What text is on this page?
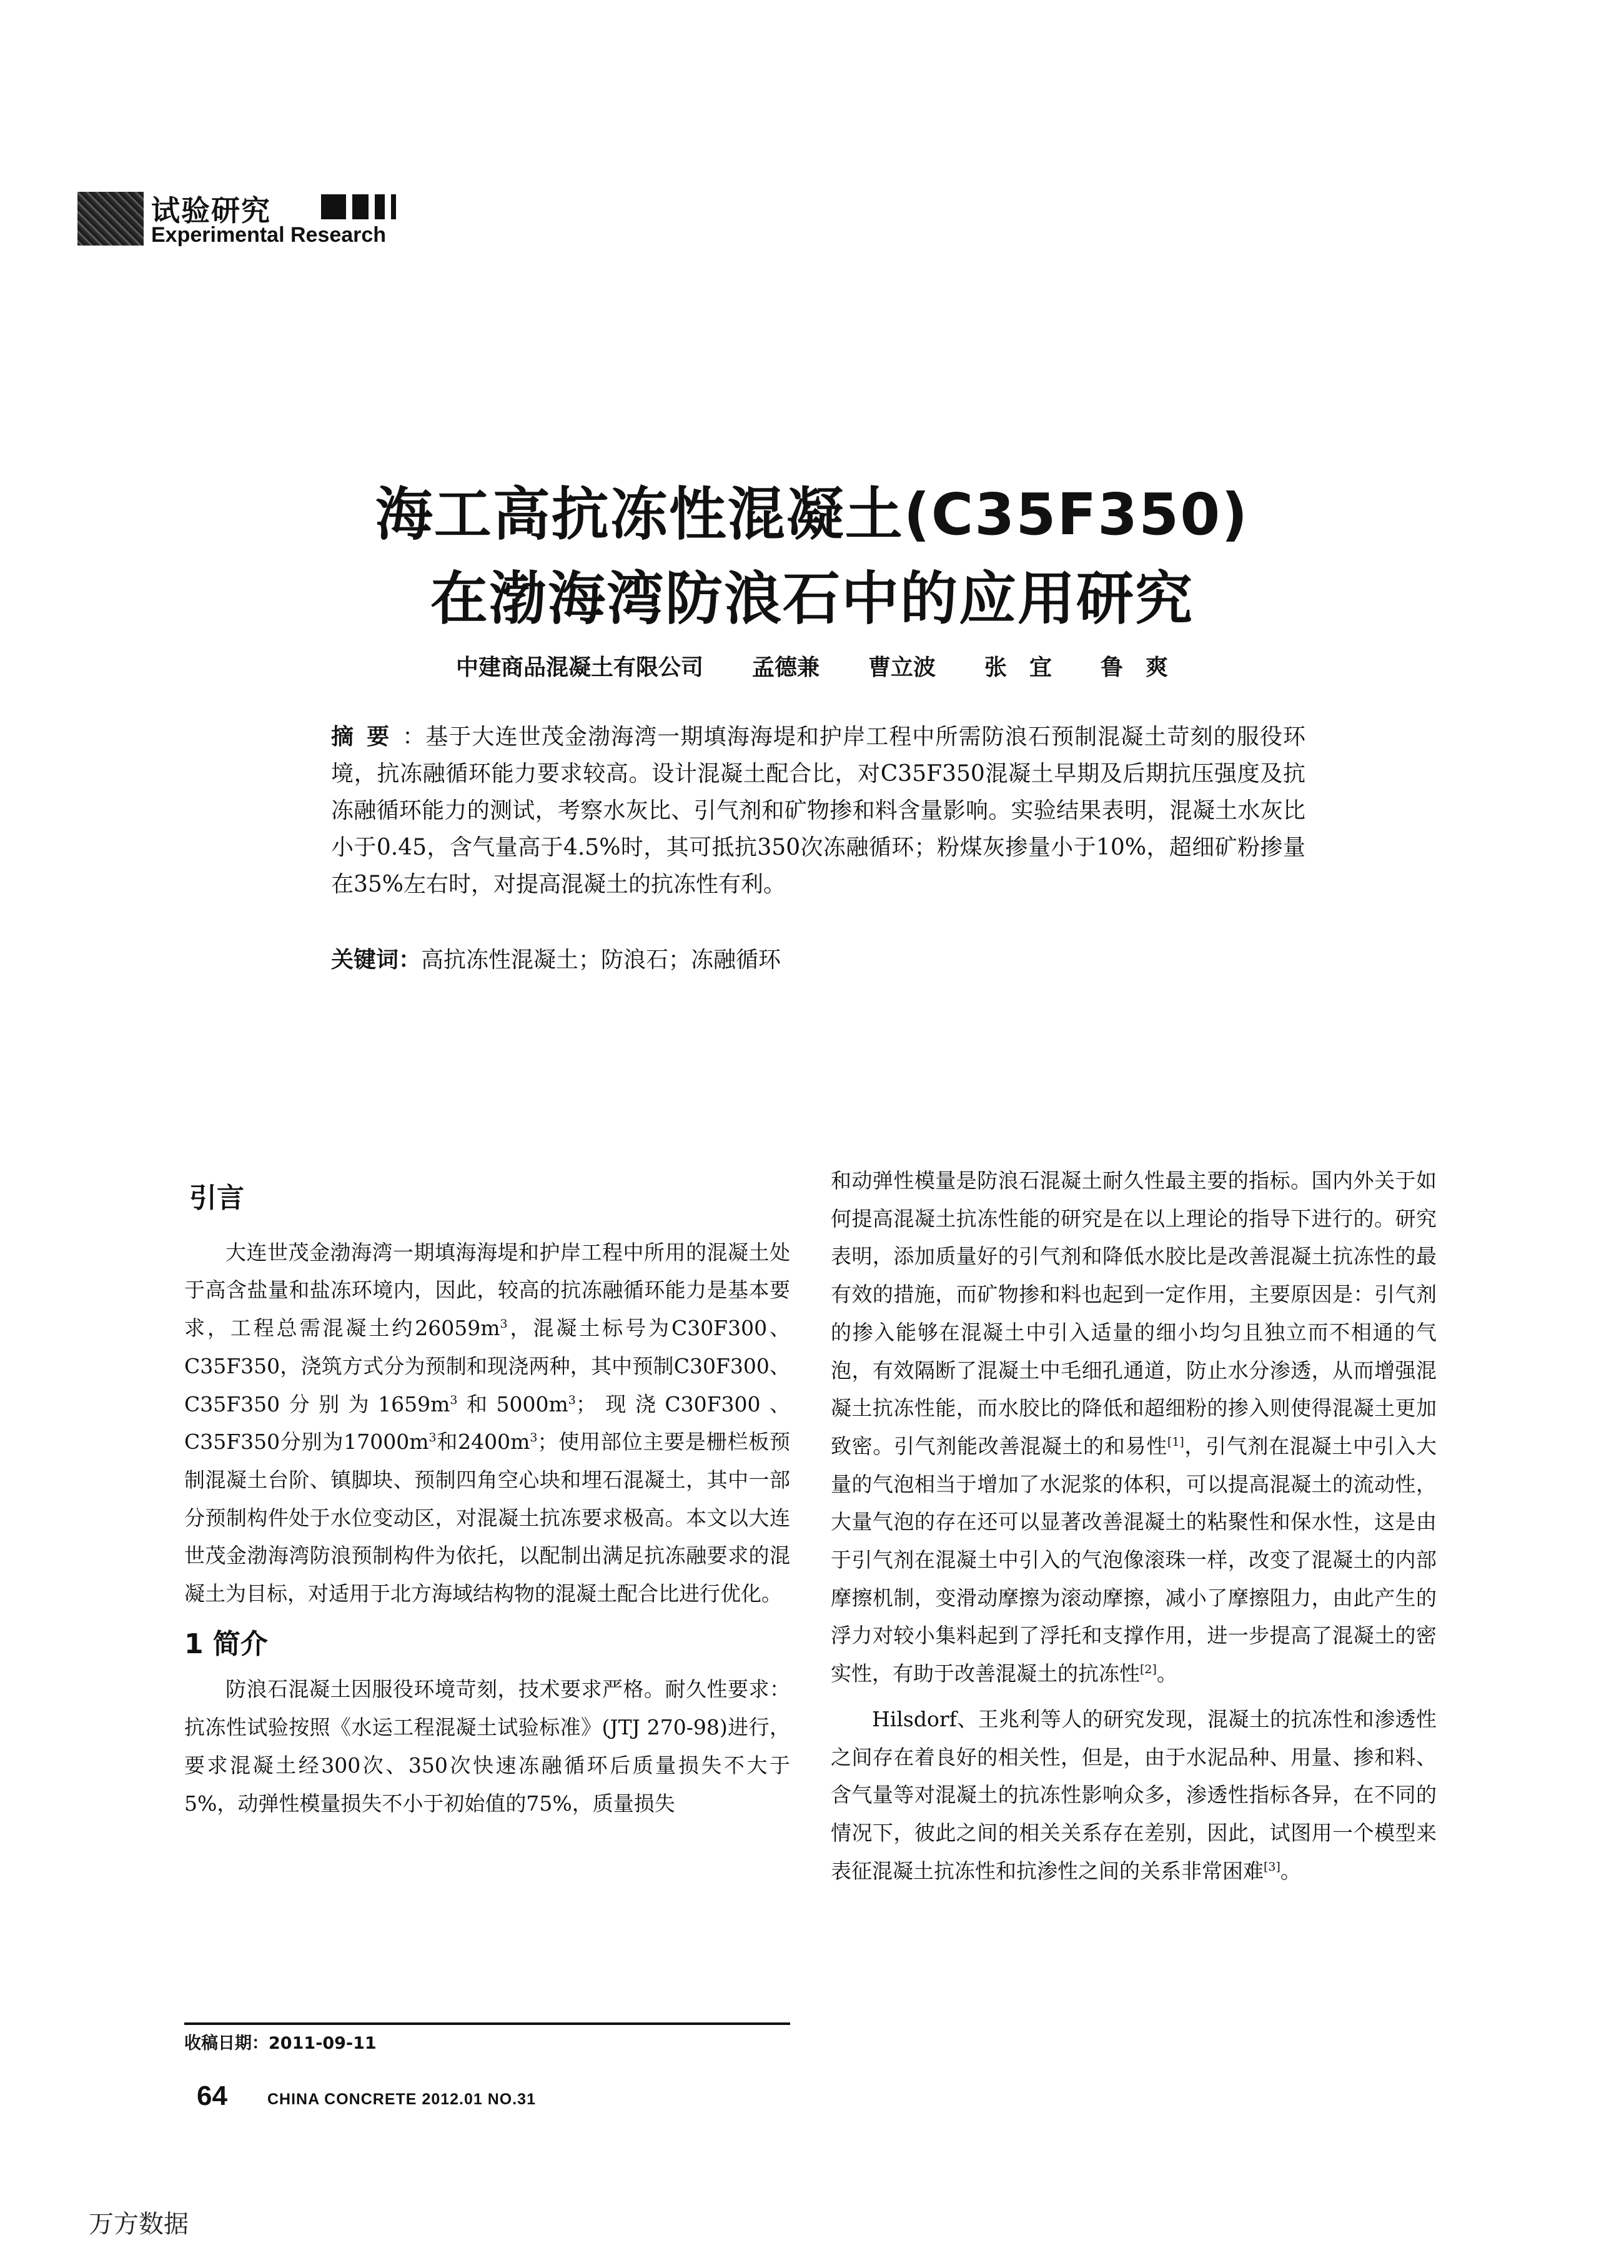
试验研究
Experimental Research
海工高抗冻性混凝土(C35F350)
在渤海湾防浪石中的应用研究
中建商品混凝土有限公司 孟德兼 曹立波 张　宜 鲁　爽
摘要：基于大连世茂金渤海湾一期填海海堤和护岸工程中所需防浪石预制混凝土苛刻的服役环境，抗冻融循环能力要求较高。设计混凝土配合比，对C35F350混凝土早期及后期抗压强度及抗冻融循环能力的测试，考察水灰比、引气剂和矿物掺和料含量影响。实验结果表明，混凝土水灰比小于0.45，含气量高于4.5%时，其可抵抗350次冻融循环；粉煤灰掺量小于10%，超细矿粉掺量在35%左右时，对提高混凝土的抗冻性有利。
关键词：高抗冻性混凝土；防浪石；冻融循环
引言

大连世茂金渤海湾一期填海海堤和护岸工程中所用的混凝土处于高含盐量和盐冻环境内，因此，较高的抗冻融循环能力是基本要求，工程总需混凝土约$26059m^3$，混凝土标号为C30F300、C35F350，浇筑方式分为预制和现浇两种，其中预制C30F300、C35F350分别为$1659m^3$和$5000m^3$；现浇C30F300、C35F350分别为$17000m^3$和$2400m^3$；使用部位主要是栅栏板预制混凝土台阶、镇脚块、预制四角空心块和埋石混凝土，其中一部分预制构件处于水位变动区，对混凝土抗冻要求极高。本文以大连世茂金渤海湾防浪预制构件为依托，以配制出满足抗冻融要求的混凝土为目标，对适用于北方海域结构物的混凝土配合比进行优化。

1 简介

防浪石混凝土因服役环境苛刻，技术要求严格。耐久性要求：抗冻性试验按照《水运工程混凝土试验标准》(JTJ 270-98)进行，要求混凝土经300次、350次快速冻融循环后质量损失不大于5%，动弹性模量损失不小于初始值的75%，质量损失

和动弹性模量是防浪石混凝土耐久性最主要的指标。国内外关于如何提高混凝土抗冻性能的研究是在以上理论的指导下进行的。研究表明，添加质量好的引气剂和降低水胶比是改善混凝土抗冻性的最有效的措施，而矿物掺和料也起到一定作用，主要原因是：引气剂的掺入能够在混凝土中引入适量的细小均匀且独立而不相通的气泡，有效隔断了混凝土中毛细孔通道，防止水分渗透，从而增强混凝土抗冻性能，而水胶比的降低和超细粉的掺入则使得混凝土更加致密。引气剂能改善混凝土的和易性[1]，引气剂在混凝土中引入大量的气泡相当于增加了水泥浆的体积，可以提高混凝土的流动性，大量气泡的存在还可以显著改善混凝土的粘聚性和保水性，这是由于引气剂在混凝土中引入的气泡像滚珠一样，改变了混凝土的内部摩擦机制，变滑动摩擦为滚动摩擦，减小了摩擦阻力，由此产生的浮力对较小集料起到了浮托和支撑作用，进一步提高了混凝土的密实性，有助于改善混凝土的抗冻性[2]。

Hilsdorf、王兆利等人的研究发现，混凝土的抗冻性和渗透性之间存在着良好的相关性，但是，由于水泥品种、用量、掺和料、含气量等对混凝土的抗冻性影响众多，渗透性指标各异，在不同的情况下，彼此之间的相关关系存在差别，因此，试图用一个模型来表征混凝土抗冻性和抗渗性之间的关系非常困难[3]。

收稿日期：2011-09-11
64	CHINA CONCRETE 2012.01 NO.31
万方数据
